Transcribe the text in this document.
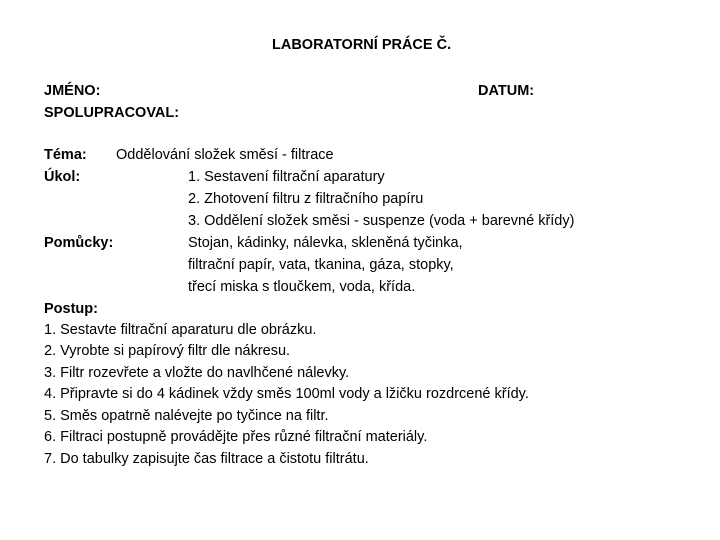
LABORATORNÍ PRÁCE Č.
JMÉNO:
SPOLUPRACOVAL:
DATUM:
Téma: Oddělování složek směsí - filtrace
Úkol:	1. Sestavení filtrační aparatury
2. Zhotovení filtru z filtračního papíru
3. Oddělení složek směsi - suspenze (voda + barevné křídy)
Pomůcky:	Stojan, kádinky, nálevka, skleněná tyčinka,
filtrační papír, vata, tkanina, gáza, stopky,
třecí miska s tloučkem, voda, křída.
Postup:
1. Sestavte filtrační aparaturu dle obrázku.
2. Vyrobte si papírový filtr dle nákresu.
3. Filtr rozevřete a vložte do navlhčené nálevky.
4. Připravte si do 4 kádinek vždy směs 100ml vody a lžičku rozdrcené křídy.
5. Směs opatrně nalévejte po tyčince na filtr.
6. Filtraci postupně provádějte přes různé filtrační materiály.
7. Do tabulky zapisujte čas filtrace a čistotu filtrátu.
